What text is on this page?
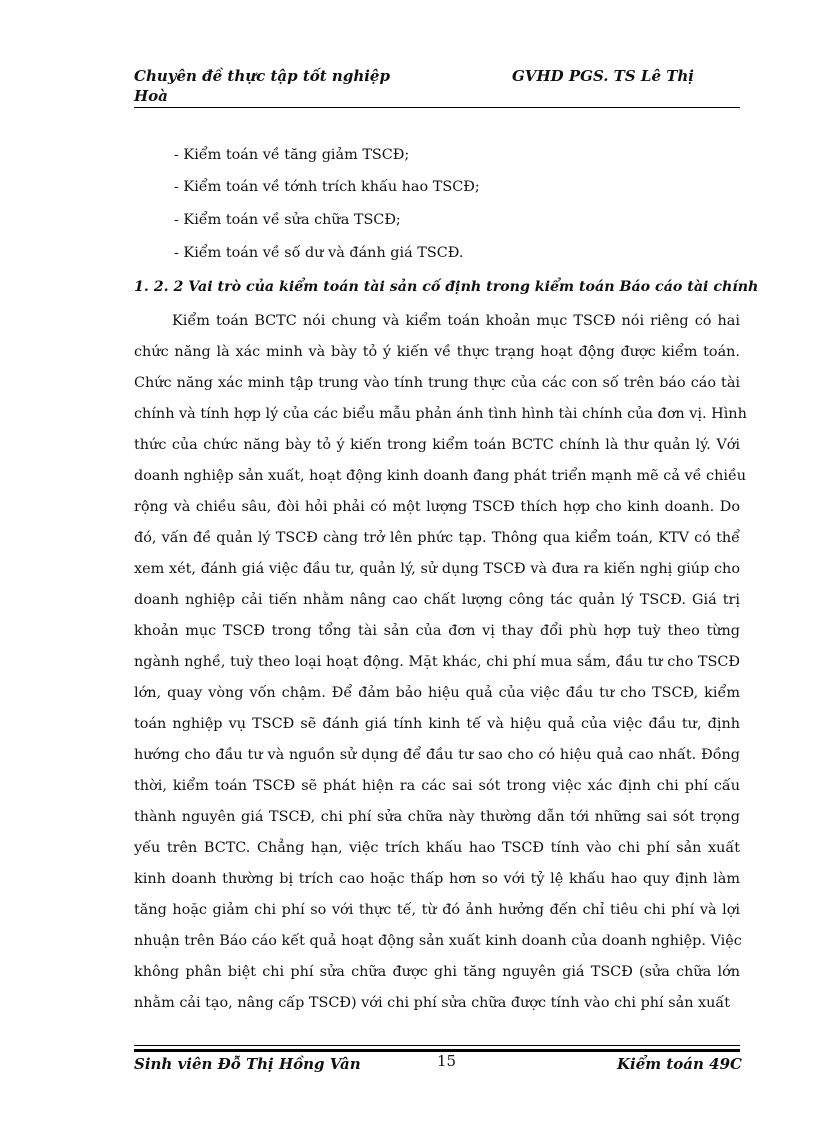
Chuyên đề thực tập tốt nghiệp	GVHD PGS. TS Lê Thị
Hoà
- Kiểm toán về tăng giảm TSCĐ;
- Kiểm toán về tớnh trích khấu hao TSCĐ;
- Kiểm toán về sửa chữa TSCĐ;
- Kiểm toán về số dư và đánh giá TSCĐ.
1. 2. 2 Vai trò của kiểm toán tài sản cố định trong kiểm toán Báo cáo tài chính
Kiểm toán BCTC nói chung và kiểm toán khoản mục TSCĐ nói riêng có hai
chức năng là xác minh và bày tỏ ý kiến về thực trạng hoạt động được kiểm toán.
Chức năng xác minh tập trung vào tính trung thực của các con số trên báo cáo tài
chính và tính hợp lý của các biểu mẫu phản ánh tình hình tài chính của đơn vị. Hình
thức của chức năng bày tỏ ý kiến trong kiểm toán BCTC chính là thư quản lý. Với
doanh nghiệp sản xuất, hoạt động kinh doanh đang phát triển mạnh mẽ cả về chiều
rộng và chiều sâu, đòi hỏi phải có một lượng TSCĐ thích hợp cho kinh doanh. Do
đó, vấn đề quản lý TSCĐ càng trở lên phức tạp. Thông qua kiểm toán, KTV có thể
xem xét, đánh giá việc đầu tư, quản lý, sử dụng TSCĐ và đưa ra kiến nghị giúp cho
doanh nghiệp cải tiến nhằm nâng cao chất lượng công tác quản lý TSCĐ. Giá trị
khoản mục TSCĐ trong tổng tài sản của đơn vị thay đổi phù hợp tuỳ theo từng
ngành nghề, tuỳ theo loại hoạt động. Mặt khác, chi phí mua sắm, đầu tư cho TSCĐ
lớn, quay vòng vốn chậm. Để đảm bảo hiệu quả của việc đầu tư cho TSCĐ, kiểm
toán nghiệp vụ TSCĐ sẽ đánh giá tính kinh tế và hiệu quả của việc đầu tư, định
hướng cho đầu tư và nguồn sử dụng để đầu tư sao cho có hiệu quả cao nhất. Đồng
thời, kiểm toán TSCĐ sẽ phát hiện ra các sai sót trong việc xác định chi phí cấu
thành nguyên giá TSCĐ, chi phí sửa chữa này thường dẫn tới những sai sót trọng
yếu trên BCTC. Chẳng hạn, việc trích khấu hao TSCĐ tính vào chi phí sản xuất
kinh doanh thường bị trích cao hoặc thấp hơn so với tỷ lệ khấu hao quy định làm
tăng hoặc giảm chi phí so với thực tế, từ đó ảnh hưởng đến chỉ tiêu chi phí và lợi
nhuận trên Báo cáo kết quả hoạt động sản xuất kinh doanh của doanh nghiệp. Việc
không phân biệt chi phí sửa chữa được ghi tăng nguyên giá TSCĐ (sửa chữa lớn
nhằm cải tạo, nâng cấp TSCĐ) với chi phí sửa chữa được tính vào chi phí sản xuất
Sinh viên Đỗ Thị Hồng Vân	15	Kiểm toán 49C
